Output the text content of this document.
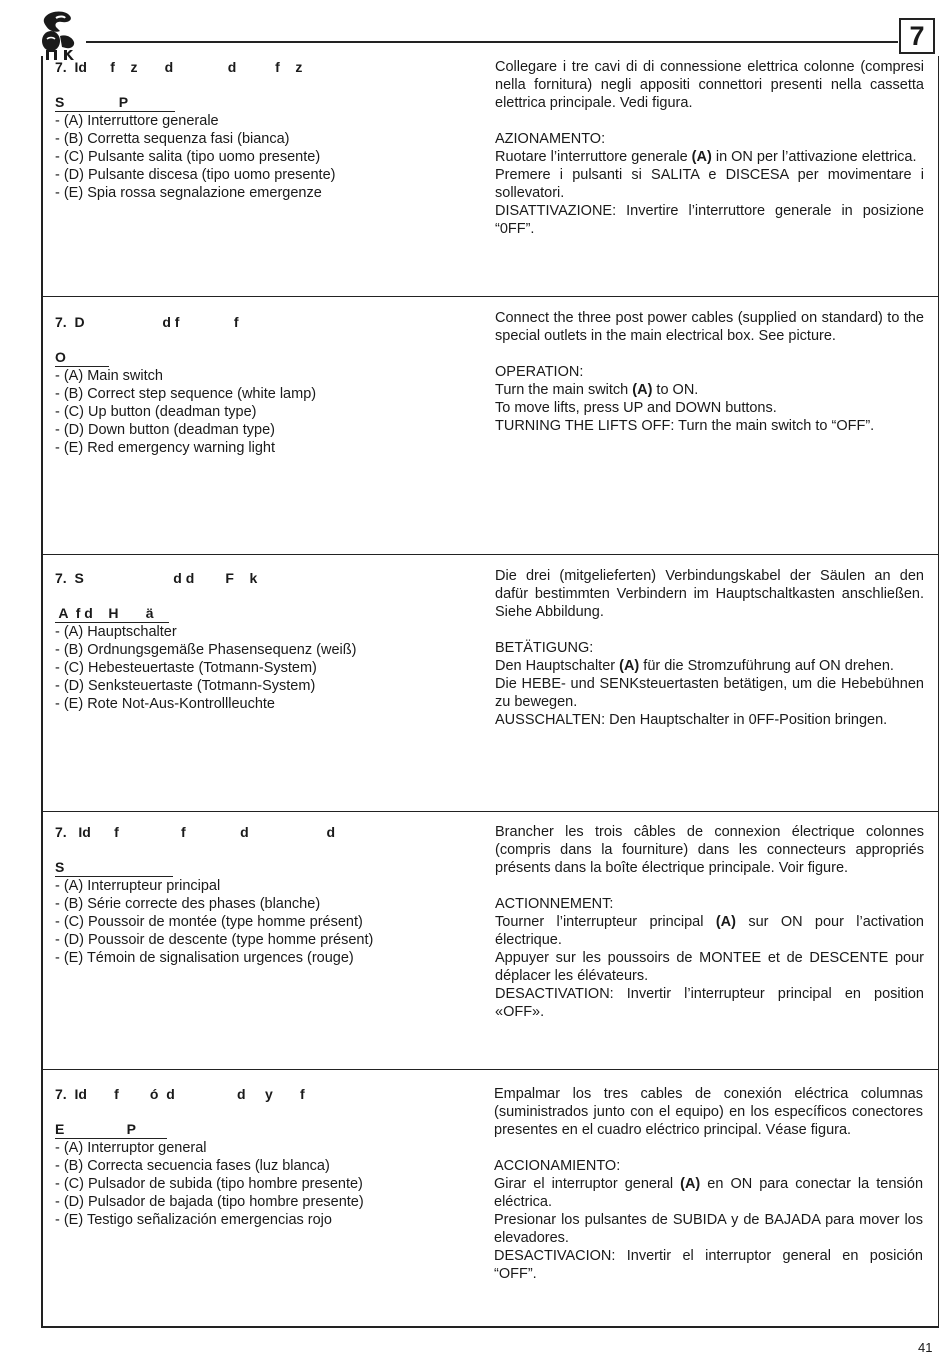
7
7.  Id      f    z       d              d          f    z
S              P
- (A) Interruttore generale
- (B) Corretta sequenza fasi (bianca)
- (C) Pulsante salita (tipo uomo presente)
- (D) Pulsante discesa (tipo uomo presente)
- (E) Spia rossa segnalazione emergenze

Collegare i tre cavi di di connessione elettrica colonne (compresi nella fornitura) negli appositi connettori presenti nella cassetta elettrica principale. Vedi figura.

AZIONAMENTO:

Ruotare l’interruttore generale (A) in ON per l’attivazione elettrica.

Premere i pulsanti si SALITA e DISCESA per movimentare i sollevatori.

DISATTIVAZIONE: Invertire l’interruttore generale in posizione “0FF”.

7.  D                    d f              f
O
- (A) Main switch
- (B) Correct step sequence (white lamp)
- (C) Up button (deadman type)
- (D) Down button (deadman type)
- (E) Red emergency warning light

Connect the three post power cables (supplied on standard) to the special outlets in the main electrical box. See picture.

OPERATION:

Turn the main switch (A) to ON.

To move lifts, press UP and DOWN buttons.

TURNING THE LIFTS OFF: Turn the main switch to “OFF”.

7.  S                       d d        F    k
A  f d    H       ä
- (A) Hauptschalter
- (B) Ordnungsgemäße Phasensequenz (weiß)
- (C) Hebesteuertaste (Totmann-System)
- (D) Senksteuertaste (Totmann-System)
- (E) Rote Not-Aus-Kontrollleuchte

Die drei (mitgelieferten) Verbindungskabel der Säulen an den dafür bestimmten Verbindern im Hauptschaltkasten anschließen. Siehe Abbildung.

BETÄTIGUNG:

Den Hauptschalter (A) für die Stromzuführung auf ON drehen.

Die HEBE- und SENKsteuertasten betätigen, um die Hebebühnen zu bewegen.

AUSSCHALTEN: Den Hauptschalter in 0FF-Position bringen.

7.   Id      f                f              d                    d
S
- (A) Interrupteur principal
- (B) Série correcte des phases (blanche)
- (C) Poussoir de montée (type homme présent)
- (D) Poussoir de descente (type homme présent)
- (E) Témoin de signalisation urgences (rouge)

Brancher les trois câbles de connexion électrique colonnes (compris dans la fourniture) dans les connecteurs appropriés présents dans la boîte électrique principale. Voir figure.

ACTIONNEMENT:

Tourner l’interrupteur principal (A) sur ON pour l’activation électrique.

Appuyer sur les poussoirs de MONTEE et de DESCENTE pour déplacer les élévateurs.

DESACTIVATION: Invertir l’interrupteur principal en position «OFF».

7.  Id       f        ó  d                d     y       f
E                P
- (A) Interruptor general
- (B) Correcta secuencia fases (luz blanca)
- (C) Pulsador de subida (tipo hombre presente)
- (D) Pulsador de bajada (tipo hombre presente)
- (E) Testigo señalización emergencias rojo

Empalmar los tres cables de conexión eléctrica columnas (suministrados junto con el equipo) en los específicos conectores presentes en el cuadro eléctrico principal. Véase figura.

ACCIONAMIENTO:

Girar el interruptor general (A) en ON para conectar la tensión eléctrica.

Presionar los pulsantes de SUBIDA y de BAJADA para mover los elevadores.

DESACTIVACION: Invertir el interruptor general en posición “OFF”.

41
